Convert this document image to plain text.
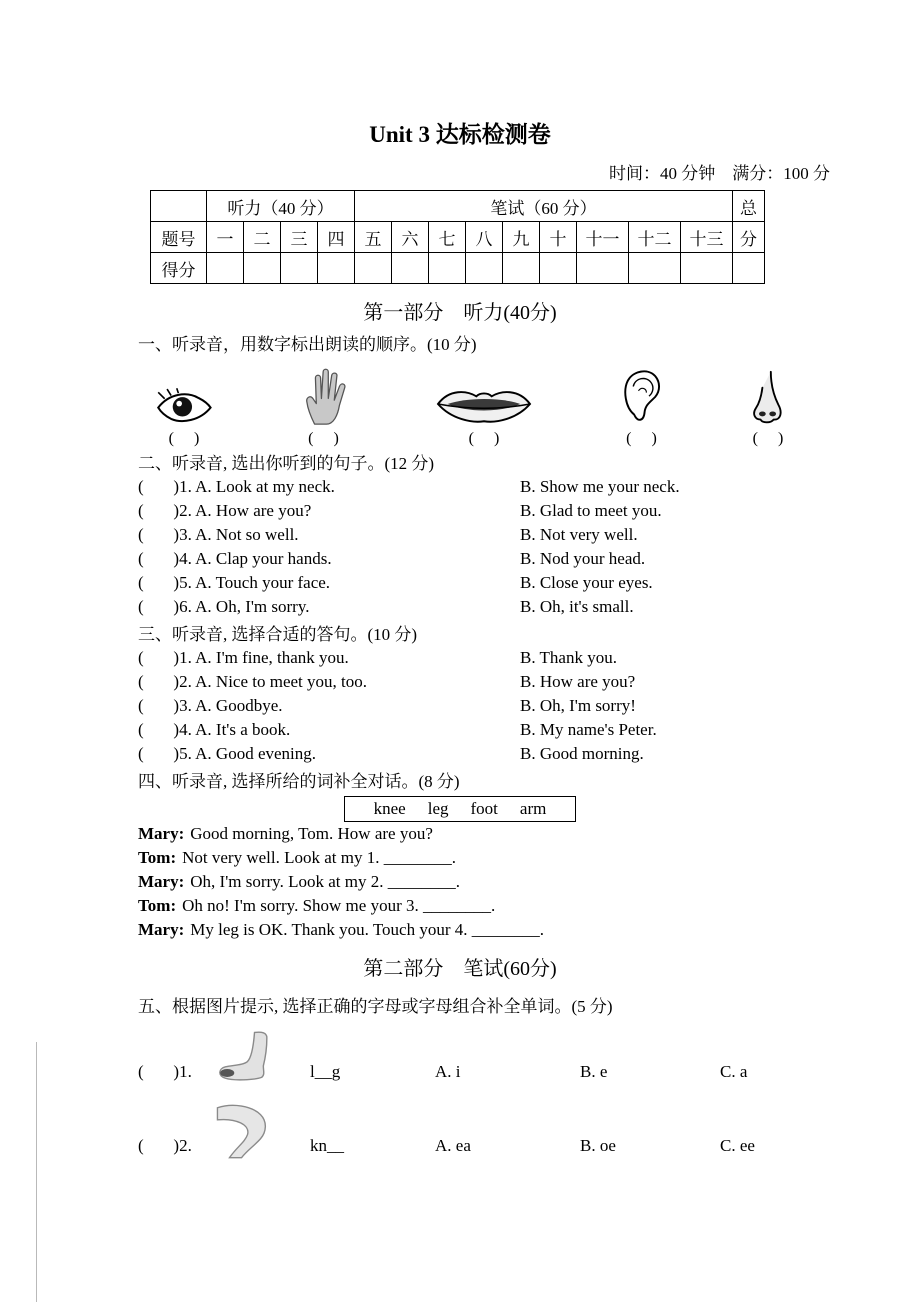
Unit 3 达标检测卷
时间：40 分钟　满分：100 分
	听力（40 分）				笔试（60 分）									总
题号	一	二	三	四	五	六	七	八	九	十	十一	十二	十三	分
得分														
第一部分　听力(40分)
一、听录音，用数字标出朗读的顺序。(10 分)
(     )	(     )	(     )	(     )	(     )
二、听录音, 选出你听到的句子。(12 分)
(       )1. A. Look at my neck.	B. Show me your neck.
(       )2. A. How are you?	B. Glad to meet you.
(       )3. A. Not so well.	B. Not very well.
(       )4. A. Clap your hands.	B. Nod your head.
(       )5. A. Touch your face.	B. Close your eyes.
(       )6. A. Oh, I'm sorry.	B. Oh, it's small.
三、听录音, 选择合适的答句。(10 分)
(       )1. A. I'm fine, thank you.	B. Thank you.
(       )2. A. Nice to meet you, too.	B. How are you?
(       )3. A. Goodbye.	B. Oh, I'm sorry!
(       )4. A. It's a book.	B. My name's Peter.
(       )5. A. Good evening.	B. Good morning.
四、听录音, 选择所给的词补全对话。(8 分)
knee leg foot arm
Mary: Good morning, Tom. How are you?
Tom: Not very well. Look at my 1. ________.
Mary: Oh, I'm sorry. Look at my 2. ________.
Tom: Oh no! I'm sorry. Show me your 3. ________.
Mary: My leg is OK. Thank you. Touch your 4. ________.
第二部分　笔试(60分)
五、根据图片提示, 选择正确的字母或字母组合补全单词。(5 分)
(       )1.	l__g	A. i	B. e	C. a
(       )2.	kn__	A. ea	B. oe	C. ee
